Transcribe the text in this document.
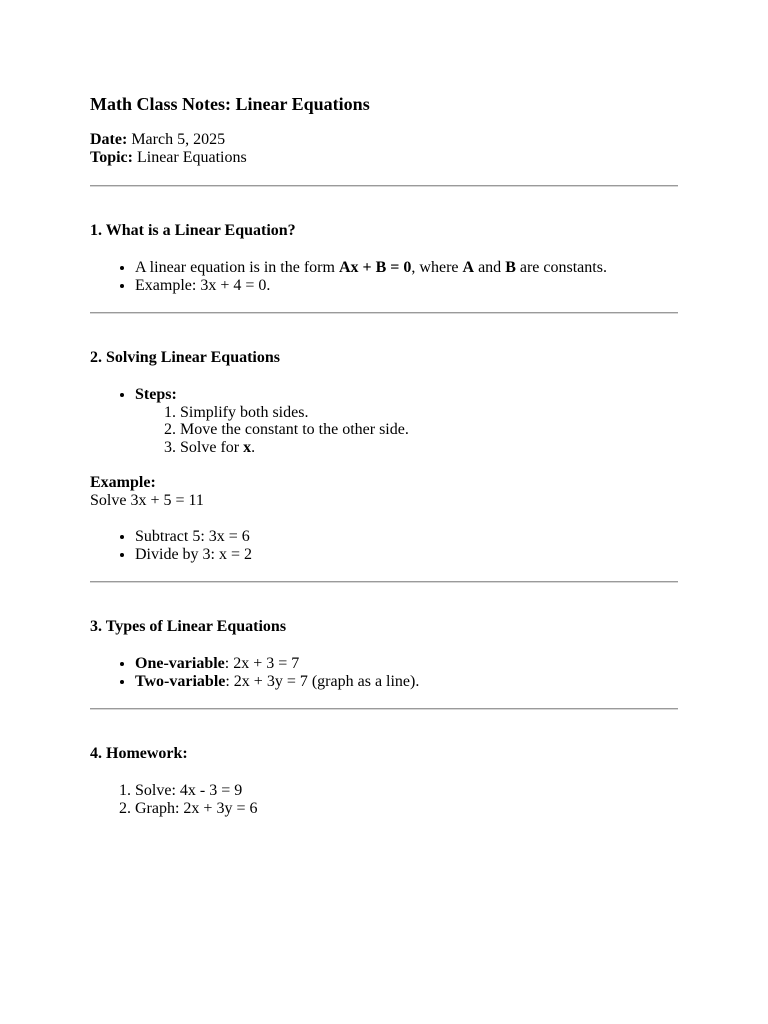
Math Class Notes: Linear Equations
Date: March 5, 2025
Topic: Linear Equations
1. What is a Linear Equation?
• A linear equation is in the form Ax + B = 0, where A and B are constants.
• Example: 3x + 4 = 0.
2. Solving Linear Equations
• Steps:
1. Simplify both sides.
2. Move the constant to the other side.
3. Solve for x.
Example:
Solve 3x + 5 = 11
• Subtract 5: 3x = 6
• Divide by 3: x = 2
3. Types of Linear Equations
• One-variable: 2x + 3 = 7
• Two-variable: 2x + 3y = 7 (graph as a line).
4. Homework:
1. Solve: 4x - 3 = 9
2. Graph: 2x + 3y = 6
